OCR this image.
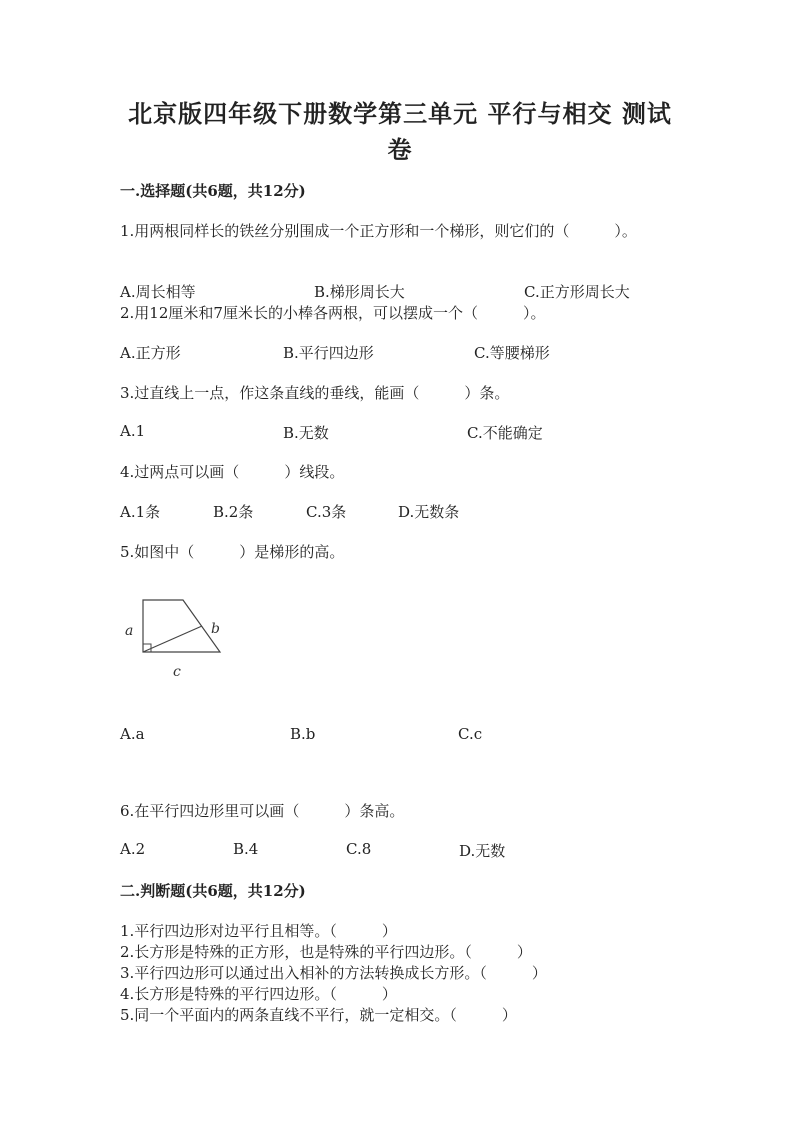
北京版四年级下册数学第三单元 平行与相交 测试
卷
一.选择题(共6题，共12分)
1.用两根同样长的铁丝分别围成一个正方形和一个梯形，则它们的（　　　）。
A.周长相等	B.梯形周长大	C.正方形周长大
2.用12厘米和7厘米长的小棒各两根，可以摆成一个（　　　）。
A.正方形	B.平行四边形	C.等腰梯形
3.过直线上一点，作这条直线的垂线，能画（　　　）条。
A.1	B.无数	C.不能确定
4.过两点可以画（　　　）线段。
A.1条	B.2条	C.3条	D.无数条
5.如图中（　　　）是梯形的高。
a	b
c
A.a	B.b	C.c
6.在平行四边形里可以画（　　　）条高。
A.2	B.4	C.8	D.无数
二.判断题(共6题，共12分)
1.平行四边形对边平行且相等。（　　　）
2.长方形是特殊的正方形，也是特殊的平行四边形。（　　　）
3.平行四边形可以通过出入相补的方法转换成长方形。（　　　）
4.长方形是特殊的平行四边形。（　　　）
5.同一个平面内的两条直线不平行，就一定相交。（　　　）
